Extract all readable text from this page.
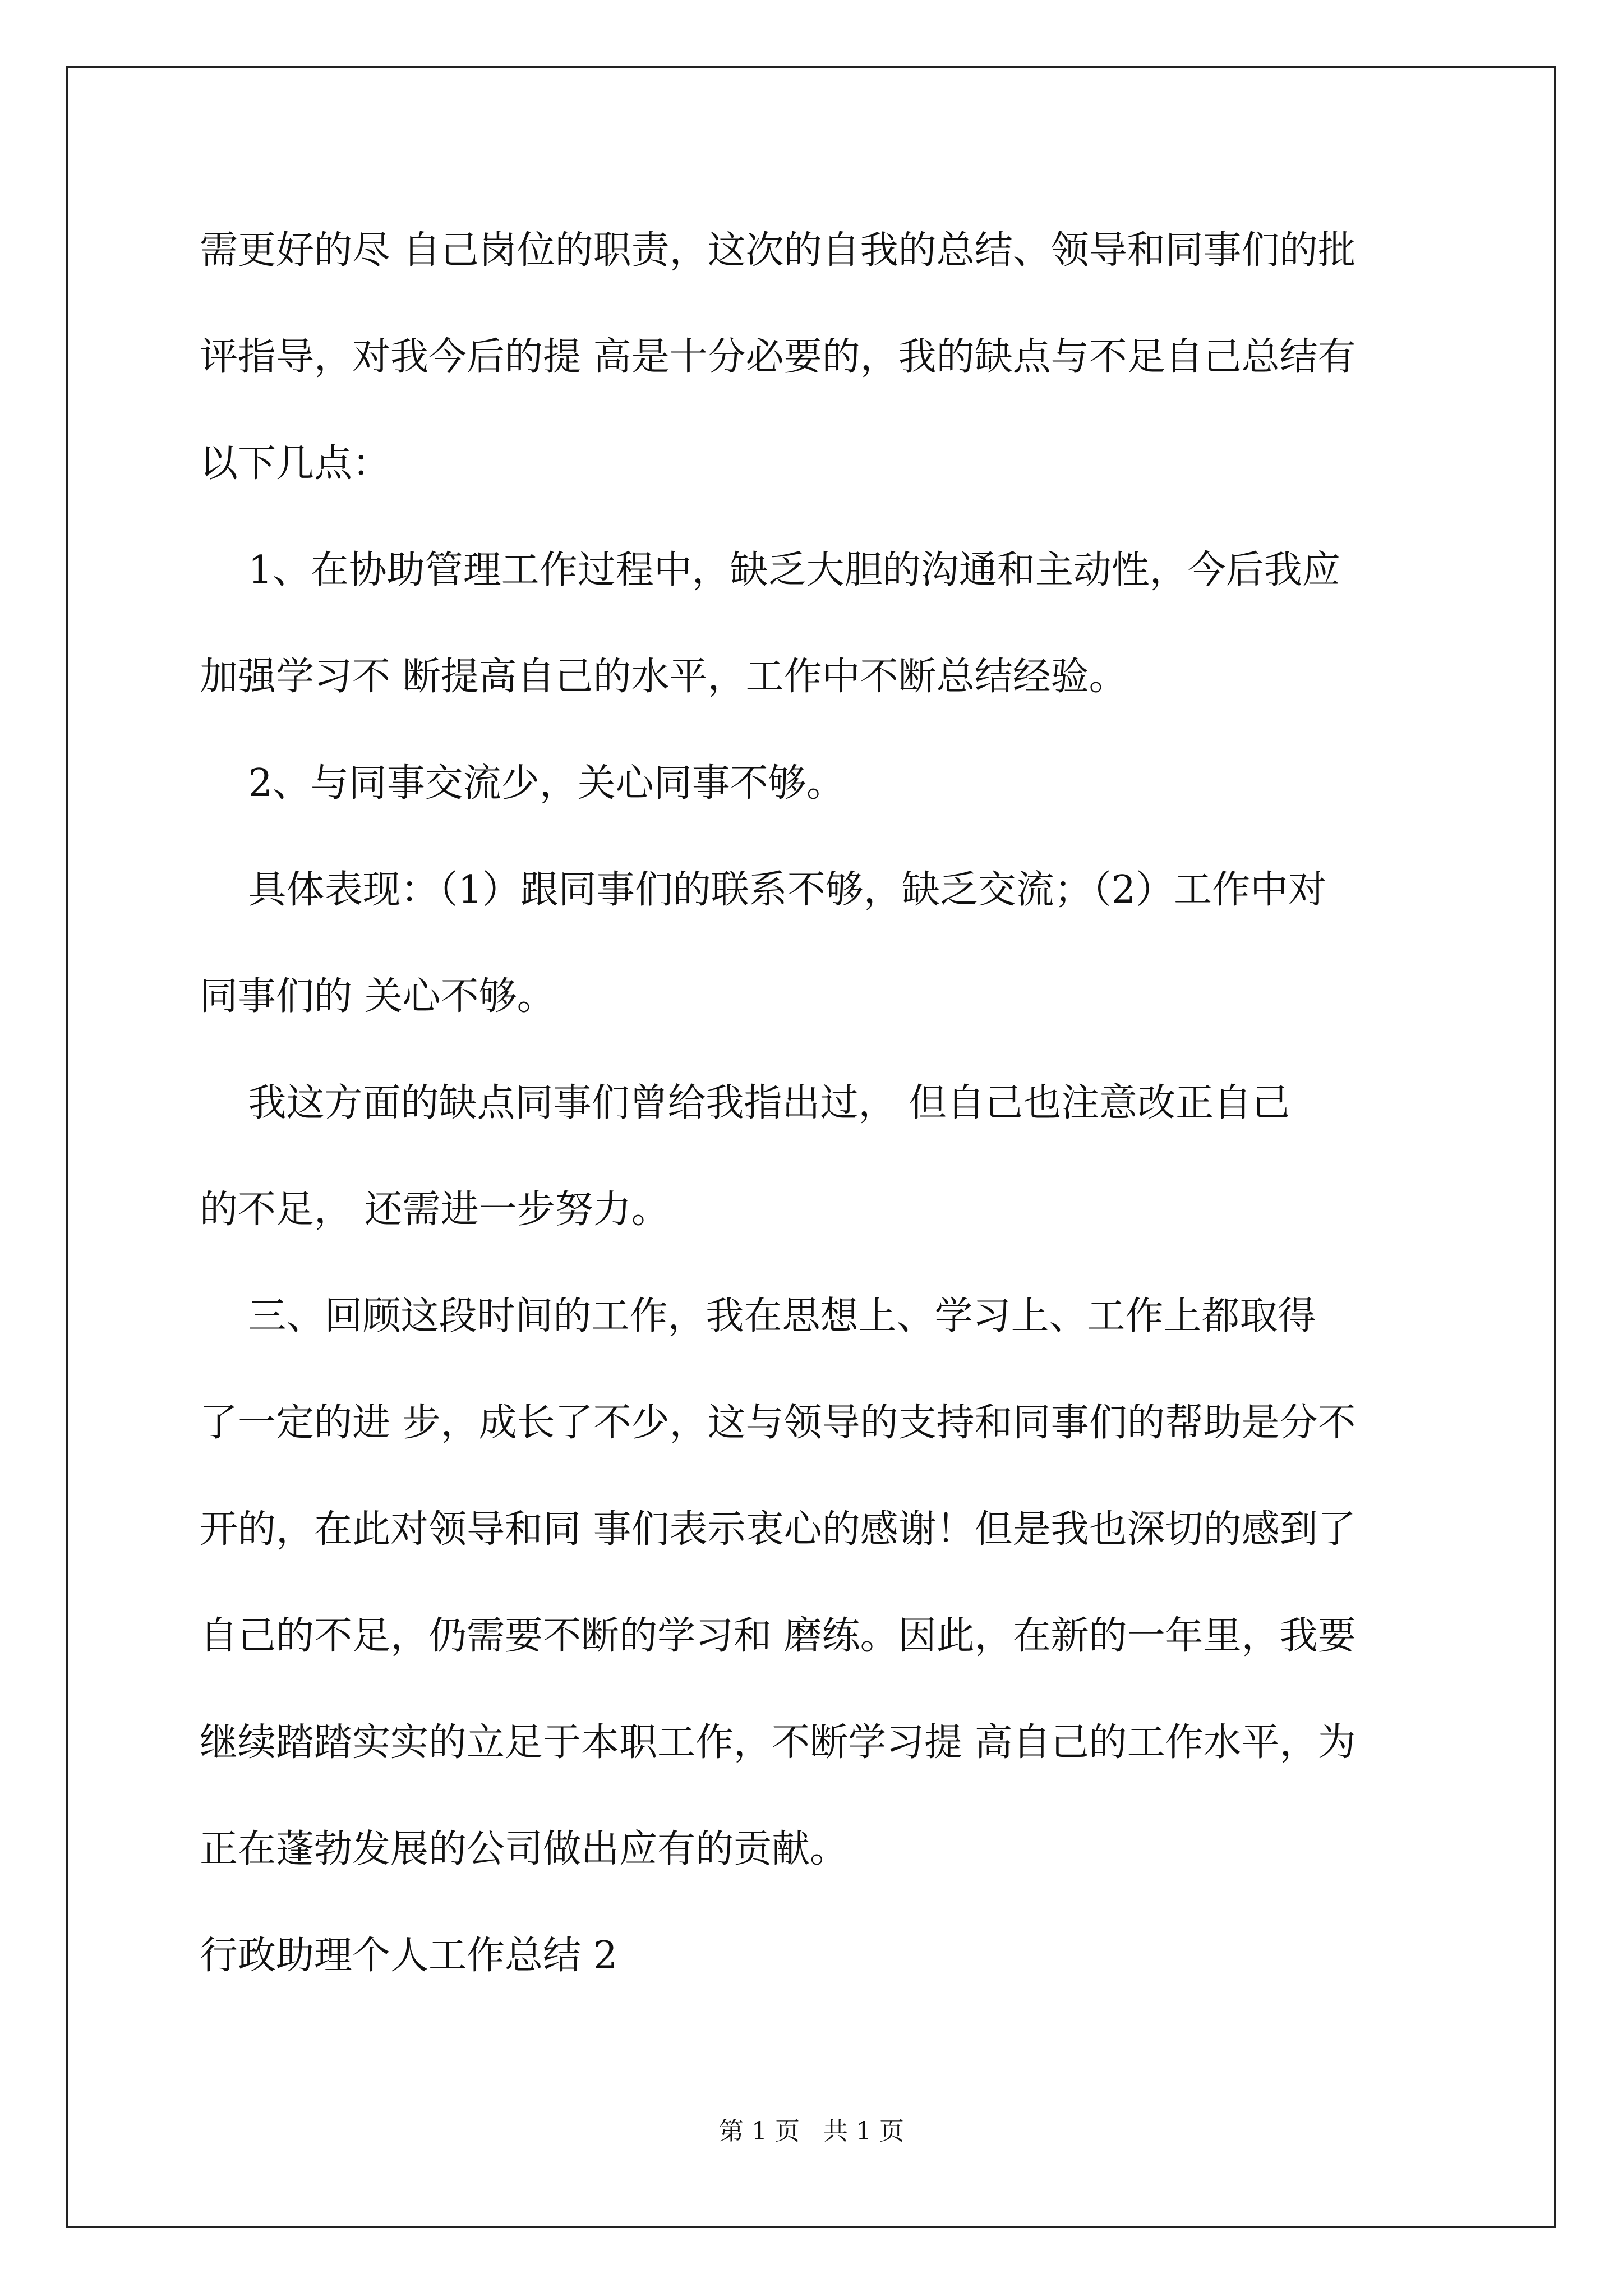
需更好的尽 自己岗位的职责，这次的自我的总结、领导和同事们的批
评指导，对我今后的提 高是十分必要的，我的缺点与不足自己总结有
以下几点：
1、在协助管理工作过程中，缺乏大胆的沟通和主动性，今后我应
加强学习不 断提高自己的水平，工作中不断总结经验。
2、与同事交流少，关心同事不够。
具体表现：（1）跟同事们的联系不够，缺乏交流；（2）工作中对
同事们的 关心不够。
我这方面的缺点同事们曾给我指出过， 但自己也注意改正自己
的不足， 还需进一步努力。
三、回顾这段时间的工作，我在思想上、学习上、工作上都取得
了一定的进 步，成长了不少，这与领导的支持和同事们的帮助是分不
开的，在此对领导和同 事们表示衷心的感谢！但是我也深切的感到了
自己的不足，仍需要不断的学习和 磨练。因此，在新的一年里，我要
继续踏踏实实的立足于本职工作，不断学习提 高自己的工作水平，为
正在蓬勃发展的公司做出应有的贡献。
行政助理个人工作总结 2
第 1 页   共 1 页
